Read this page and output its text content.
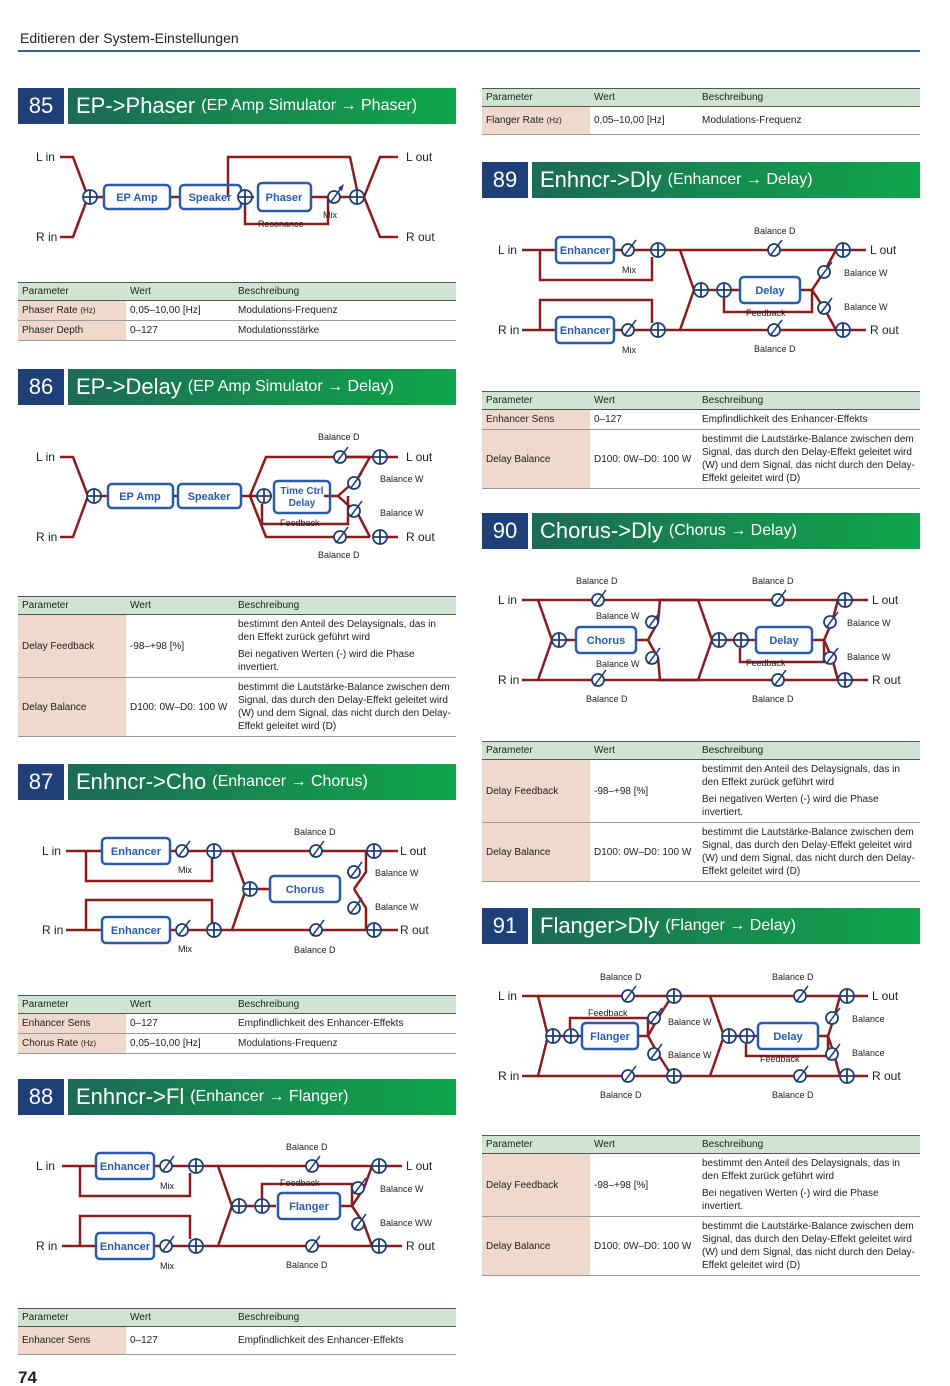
Editieren der System-Einstellungen
85	EP->Phaser (EP Amp Simulator → Phaser)
86	EP->Delay (EP Amp Simulator → Delay)
87	Enhncr->Cho (Enhancer → Chorus)
88	Enhncr->Fl (Enhancer → Flanger)
89	Enhncr->Dly (Enhancer → Delay)
90	Chorus->Dly (Chorus → Delay)
91	Flanger>Dly (Flanger → Delay)
L in
R in
L out
R out
EP Amp	Speaker	Phaser
Mix
Resonance
L in
R in
L out
R out
EP Amp Speaker	Time Ctrl
Delay
Balance D
Balance W
Balance W
Balance D
Feedback
L in
R in
L out
R out
Enhancer
Enhancer
Chorus
Mix
Mix
Balance D
Balance W
Balance W
Balance D
L in
R in
L out
R out
Enhancer
Enhancer
Flanger
Mix
Mix
Feedback
Balance D
Balance W
Balance WW
Balance D
L in
R in
L out
R out
Enhancer
Enhancer
Delay
Mix
Mix
Feedback
Balance D
Balance W
Balance W
Balance D
L in
R in
L out
R out
Chorus	Delay
Balance D
Balance W
Balance W
Balance D
Balance D
Balance W
Balance W
Balance D
Feedback
L in
R in
L out
R out
Flanger	Delay
Balance D
Feedback
Balance W
Balance W
Balance D
Balance D
Feedback
Balance
Balance
Balance D
Parameter	Wert	Beschreibung
Phaser Rate (Hz)	0,05–10,00 [Hz]	Modulations-Frequenz
Phaser Depth	0–127	Modulationsstärke
Parameter	Wert	Beschreibung
Delay Feedback	-98–+98 [%]	bestimmt den Anteil des Delaysignals, das in den Effekt zurück geführt wird

Bei negativen Werten (-) wird die Phase invertiert.

Delay Balance	D100: 0W–D0: 100 W	bestimmt die Lautstärke-Balance zwischen dem Signal, das durch den Delay-Effekt geleitet wird (W) und dem Signal, das nicht durch den Delay-Effekt geleitet wird (D)
Parameter	Wert	Beschreibung
Enhancer Sens	0–127	Empfindlichkeit des Enhancer-Effekts
Chorus Rate (Hz)	0,05–10,00 [Hz]	Modulations-Frequenz
Parameter	Wert	Beschreibung
Enhancer Sens	0–127	Empfindlichkeit des Enhancer-Effekts
Parameter	Wert	Beschreibung
Flanger Rate (Hz)	0,05–10,00 [Hz]	Modulations-Frequenz
Parameter	Wert	Beschreibung
Enhancer Sens	0–127	Empfindlichkeit des Enhancer-Effekts
Delay Balance	D100: 0W–D0: 100 W	bestimmt die Lautstärke-Balance zwischen dem Signal, das durch den Delay-Effekt geleitet wird (W) und dem Signal, das nicht durch den Delay-Effekt geleitet wird (D)
Parameter	Wert	Beschreibung
Delay Feedback	-98–+98 [%]	bestimmt den Anteil des Delaysignals, das in den Effekt zurück geführt wird

Bei negativen Werten (-) wird die Phase invertiert.

Delay Balance	D100: 0W–D0: 100 W	bestimmt die Lautstärke-Balance zwischen dem Signal, das durch den Delay-Effekt geleitet wird (W) und dem Signal, das nicht durch den Delay-Effekt geleitet wird (D)
Parameter	Wert	Beschreibung
Delay Feedback	-98–+98 [%]	bestimmt den Anteil des Delaysignals, das in den Effekt zurück geführt wird

Bei negativen Werten (-) wird die Phase invertiert.

Delay Balance	D100: 0W–D0: 100 W	bestimmt die Lautstärke-Balance zwischen dem Signal, das durch den Delay-Effekt geleitet wird (W) und dem Signal, das nicht durch den Delay-Effekt geleitet wird (D)
74
